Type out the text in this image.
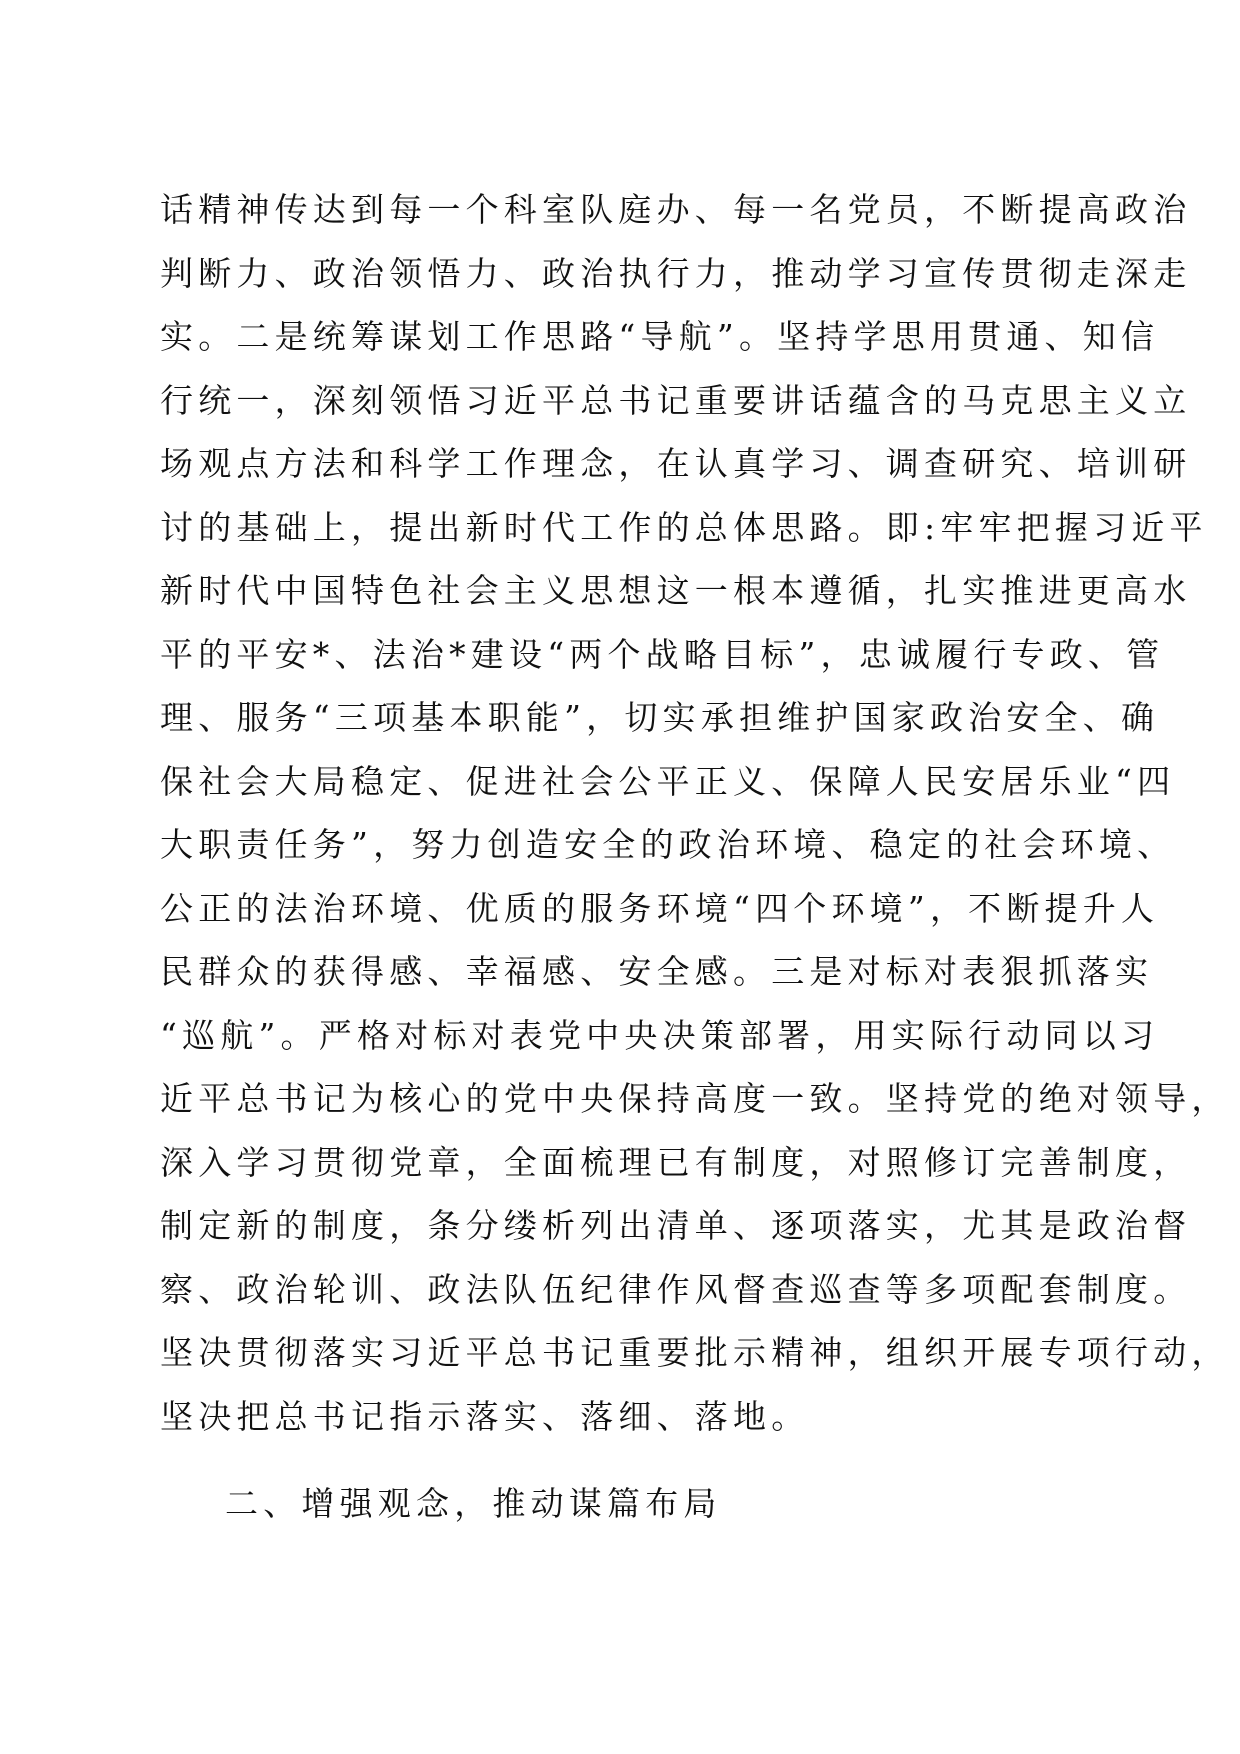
话精神传达到每一个科室队庭办、每一名党员，不断提高政治
判断力、政治领悟力、政治执行力，推动学习宣传贯彻走深走
实。二是统筹谋划工作思路“导航”。坚持学思用贯通、知信
行统一，深刻领悟习近平总书记重要讲话蕴含的马克思主义立
场观点方法和科学工作理念，在认真学习、调查研究、培训研
讨的基础上，提出新时代工作的总体思路。即:牢牢把握习近平
新时代中国特色社会主义思想这一根本遵循，扎实推进更高水
平的平安*、法治*建设“两个战略目标”，忠诚履行专政、管
理、服务“三项基本职能”，切实承担维护国家政治安全、确
保社会大局稳定、促进社会公平正义、保障人民安居乐业“四
大职责任务”，努力创造安全的政治环境、稳定的社会环境、
公正的法治环境、优质的服务环境“四个环境”，不断提升人
民群众的获得感、幸福感、安全感。三是对标对表狠抓落实
“巡航”。严格对标对表党中央决策部署，用实际行动同以习
近平总书记为核心的党中央保持高度一致。坚持党的绝对领导，
深入学习贯彻党章，全面梳理已有制度，对照修订完善制度，
制定新的制度，条分缕析列出清单、逐项落实，尤其是政治督
察、政治轮训、政法队伍纪律作风督查巡查等多项配套制度。
坚决贯彻落实习近平总书记重要批示精神，组织开展专项行动，
坚决把总书记指示落实、落细、落地。
二、增强观念，推动谋篇布局
